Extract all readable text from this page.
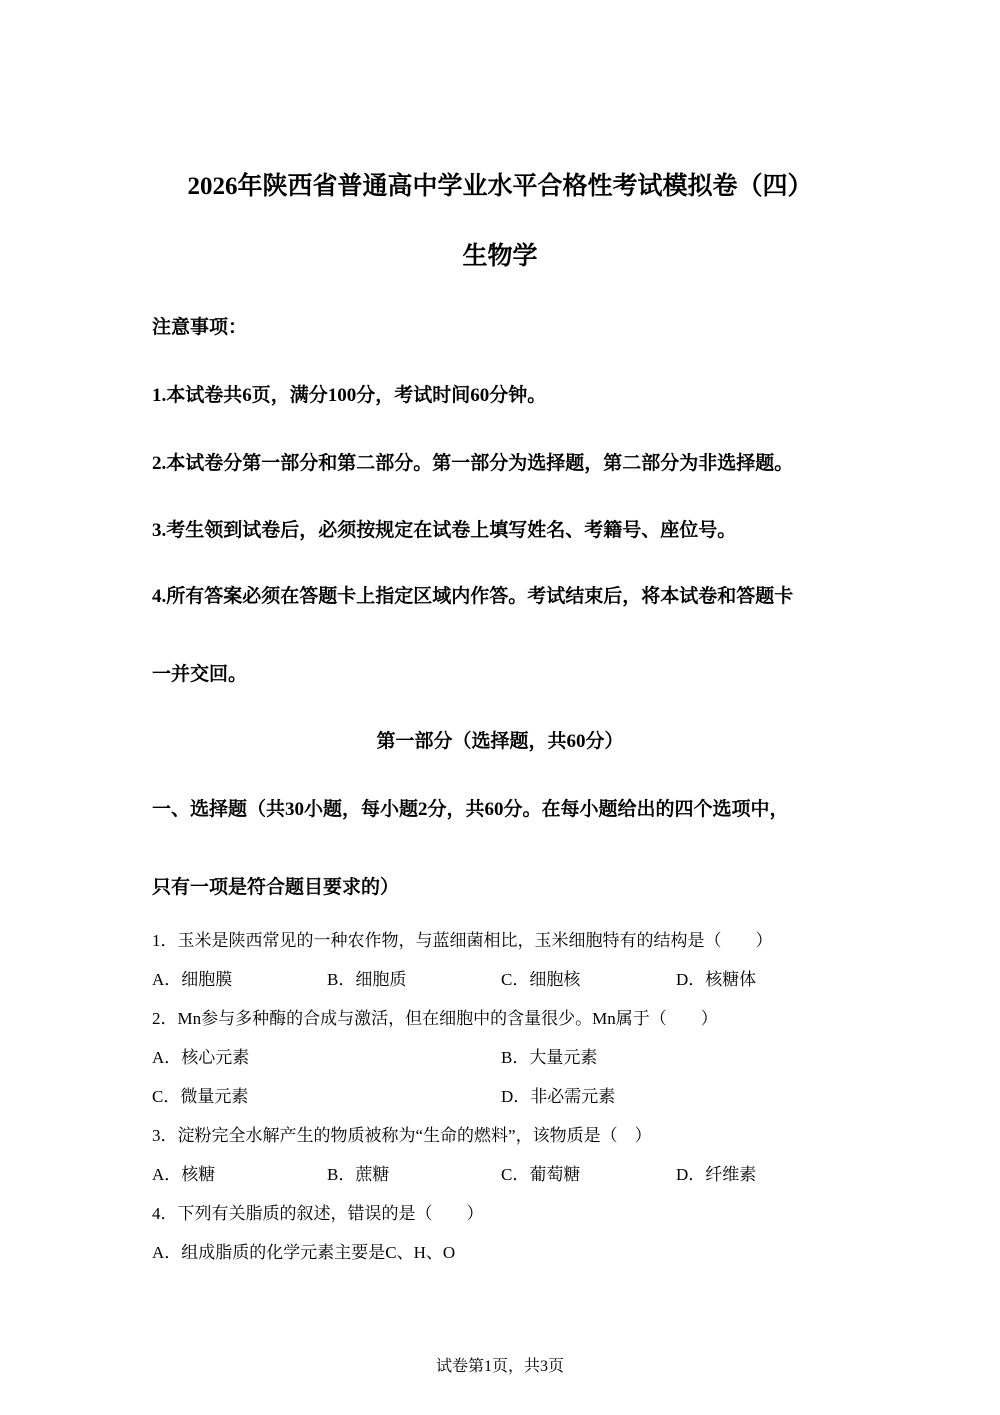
2026年陕西省普通高中学业水平合格性考试模拟卷（四）
生物学
注意事项：
1.本试卷共6页，满分100分，考试时间60分钟。
2.本试卷分第一部分和第二部分。第一部分为选择题，第二部分为非选择题。
3.考生领到试卷后，必须按规定在试卷上填写姓名、考籍号、座位号。
4.所有答案必须在答题卡上指定区域内作答。考试结束后，将本试卷和答题卡
一并交回。
第一部分（选择题，共60分）
一、选择题（共30小题，每小题2分，共60分。在每小题给出的四个选项中，
只有一项是符合题目要求的）
1．玉米是陕西常见的一种农作物，与蓝细菌相比，玉米细胞特有的结构是（　　）
A．细胞膜	B．细胞质	C．细胞核	D．核糖体
2．Mn参与多种酶的合成与激活，但在细胞中的含量很少。Mn属于（　　）
A．核心元素	B．大量元素
C．微量元素	D．非必需元素
3．淀粉完全水解产生的物质被称为“生命的燃料”，该物质是（　）
A．核糖	B．蔗糖	C．葡萄糖	D．纤维素
4．下列有关脂质的叙述，错误的是（　　）
A．组成脂质的化学元素主要是C、H、O
试卷第1页，共3页
